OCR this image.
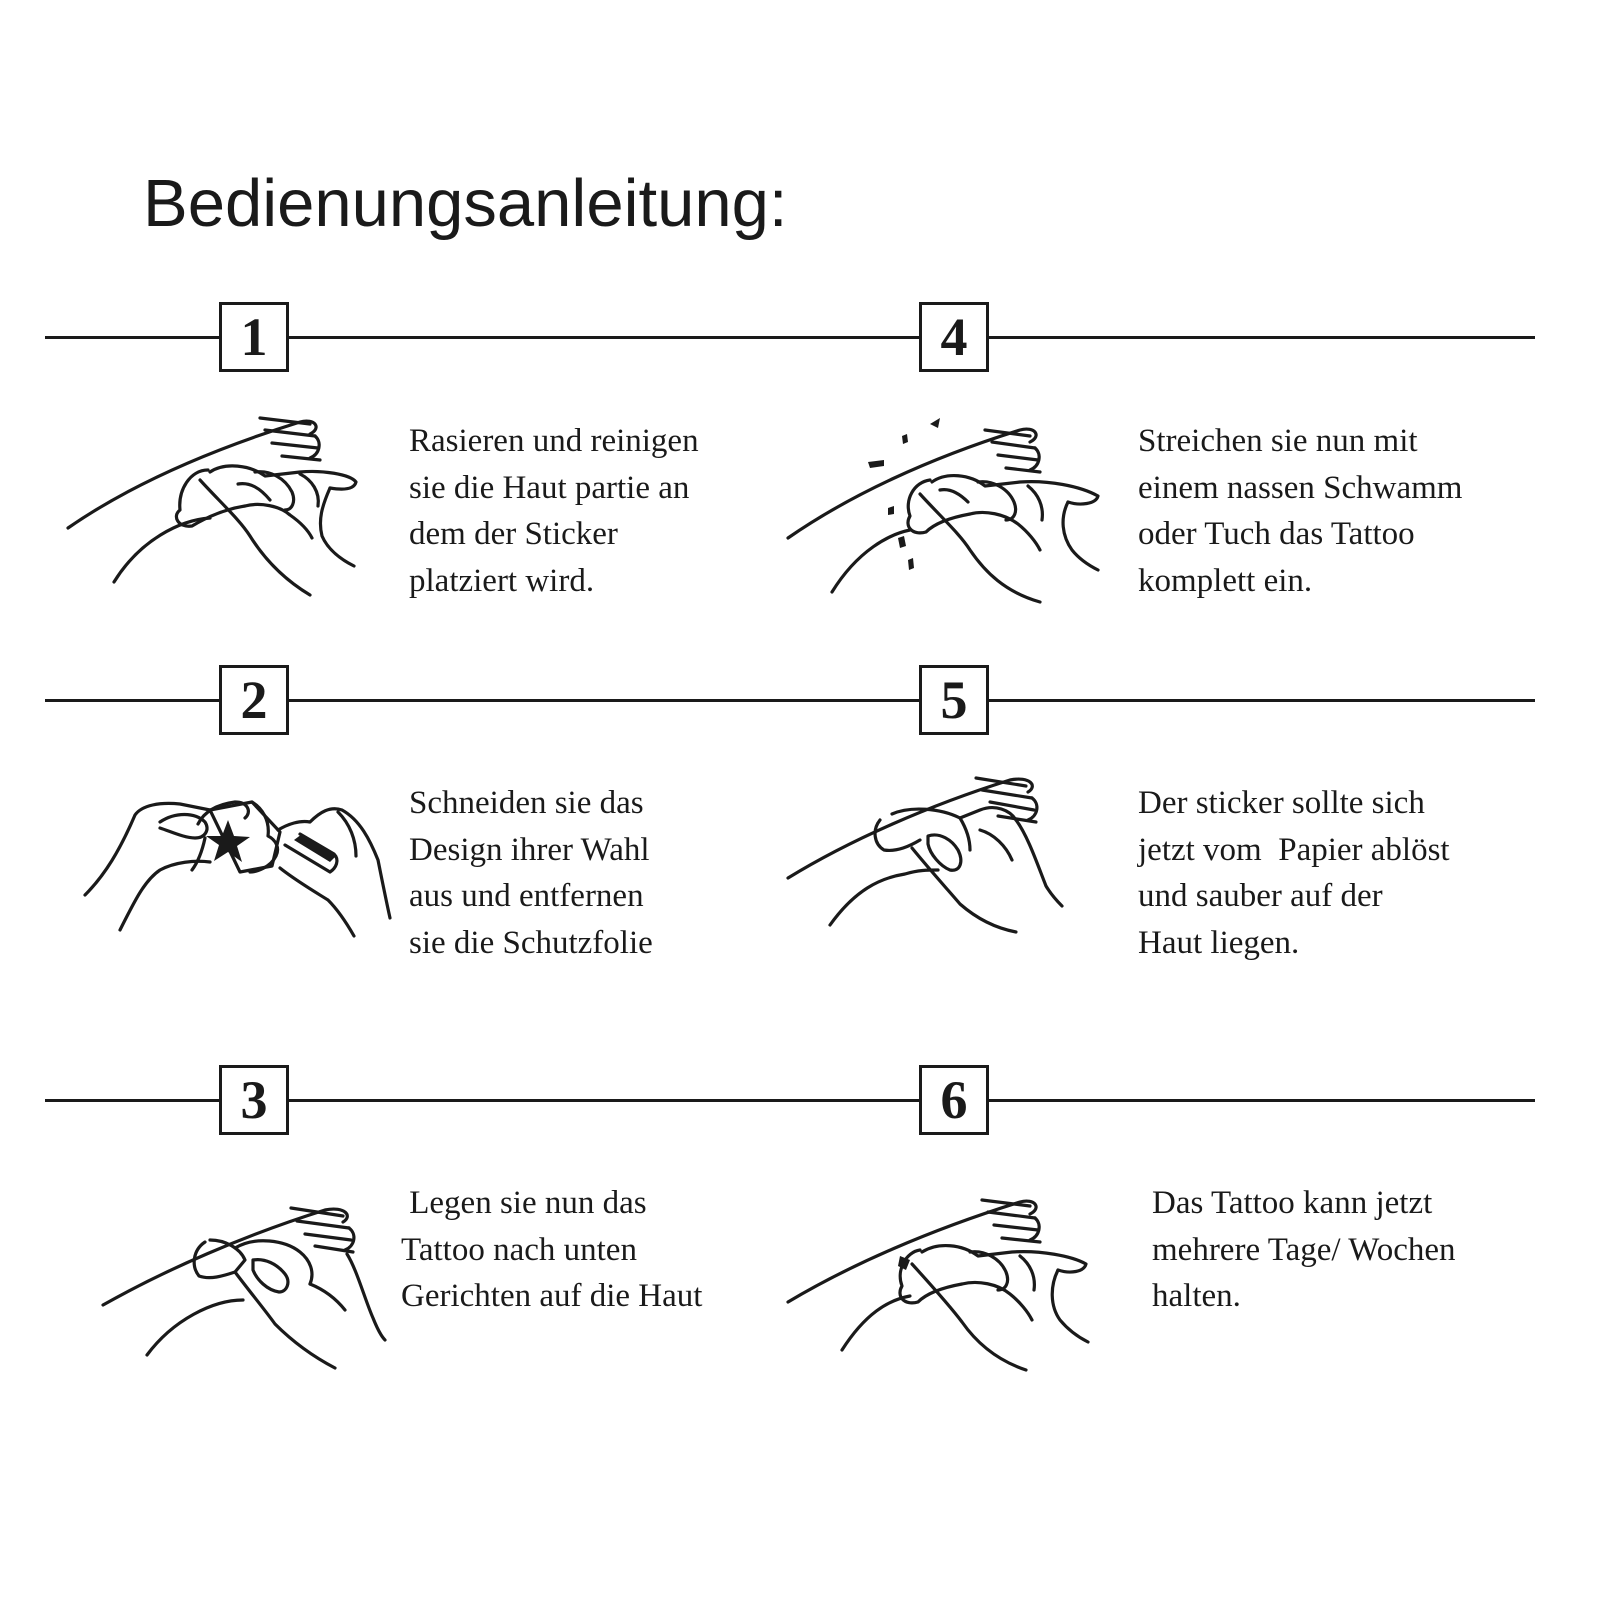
Bedienungsanleitung:
1
2
3
4
5
6

Rasieren und reinigen
sie die Haut partie an
dem der Sticker
platziert wird.

Schneiden sie das
Design ihrer Wahl
aus und entfernen
sie die Schutzfolie

Legen sie nun das
Tattoo nach unten
Gerichten auf die Haut

Streichen sie nun mit
einem nassen Schwamm
oder Tuch das Tattoo
komplett ein.

Der sticker sollte sich
jetzt vom  Papier ablöst
und sauber auf der
Haut liegen.

Das Tattoo kann jetzt
mehrere Tage/ Wochen
halten.
